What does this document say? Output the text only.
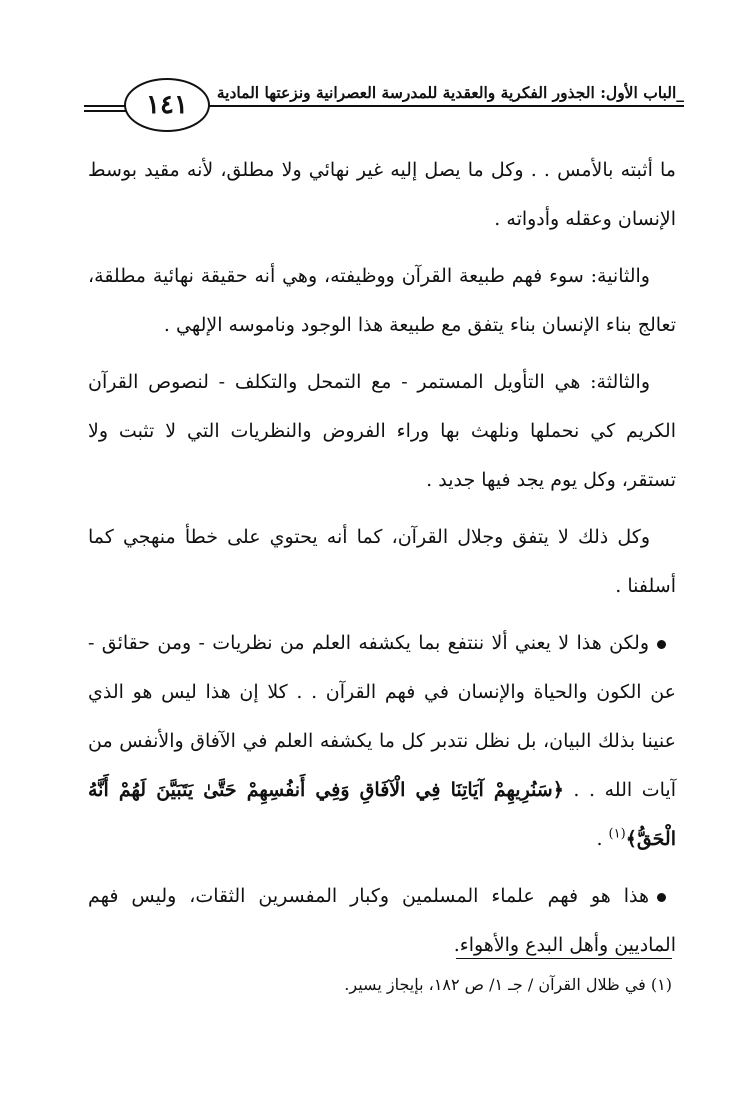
_الباب الأول: الجذور الفكرية والعقدية للمدرسة العصرانية ونزعتها المادية
١٤١

ما أثبته بالأمس . . وكل ما يصل إليه غير نهائي ولا مطلق، لأنه مقيد بوسط الإنسان وعقله وأدواته .

والثانية: سوء فهم طبيعة القرآن ووظيفته، وهي أنه حقيقة نهائية مطلقة، تعالج بناء الإنسان بناء يتفق مع طبيعة هذا الوجود وناموسه الإلهي .

والثالثة: هي التأويل المستمر - مع التمحل والتكلف - لنصوص القرآن الكريم كي نحملها ونلهث بها وراء الفروض والنظريات التي لا تثبت ولا تستقر، وكل يوم يجد فيها جديد .

وكل ذلك لا يتفق وجلال القرآن، كما أنه يحتوي على خطأ منهجي كما أسلفنا .

ولكن هذا لا يعني ألا ننتفع بما يكشفه العلم من نظريات - ومن حقائق - عن الكون والحياة والإنسان في فهم القرآن . . كلا إن هذا ليس هو الذي عنينا بذلك البيان، بل نظل نتدبر كل ما يكشفه العلم في الآفاق والأنفس من آيات الله . . ﴿سَنُرِيهِمْ آيَاتِنَا فِي الْآفَاقِ وَفِي أَنفُسِهِمْ حَتَّىٰ يَتَبَيَّنَ لَهُمْ أَنَّهُ الْحَقُّ﴾$^{(١)}$ .

هذا هو فهم علماء المسلمين وكبار المفسرين الثقات، وليس فهم الماديين وأهل البدع والأهواء.

(١) في ظلال القرآن / جـ ١/ ص ١٨٢، بإيجاز يسير.
